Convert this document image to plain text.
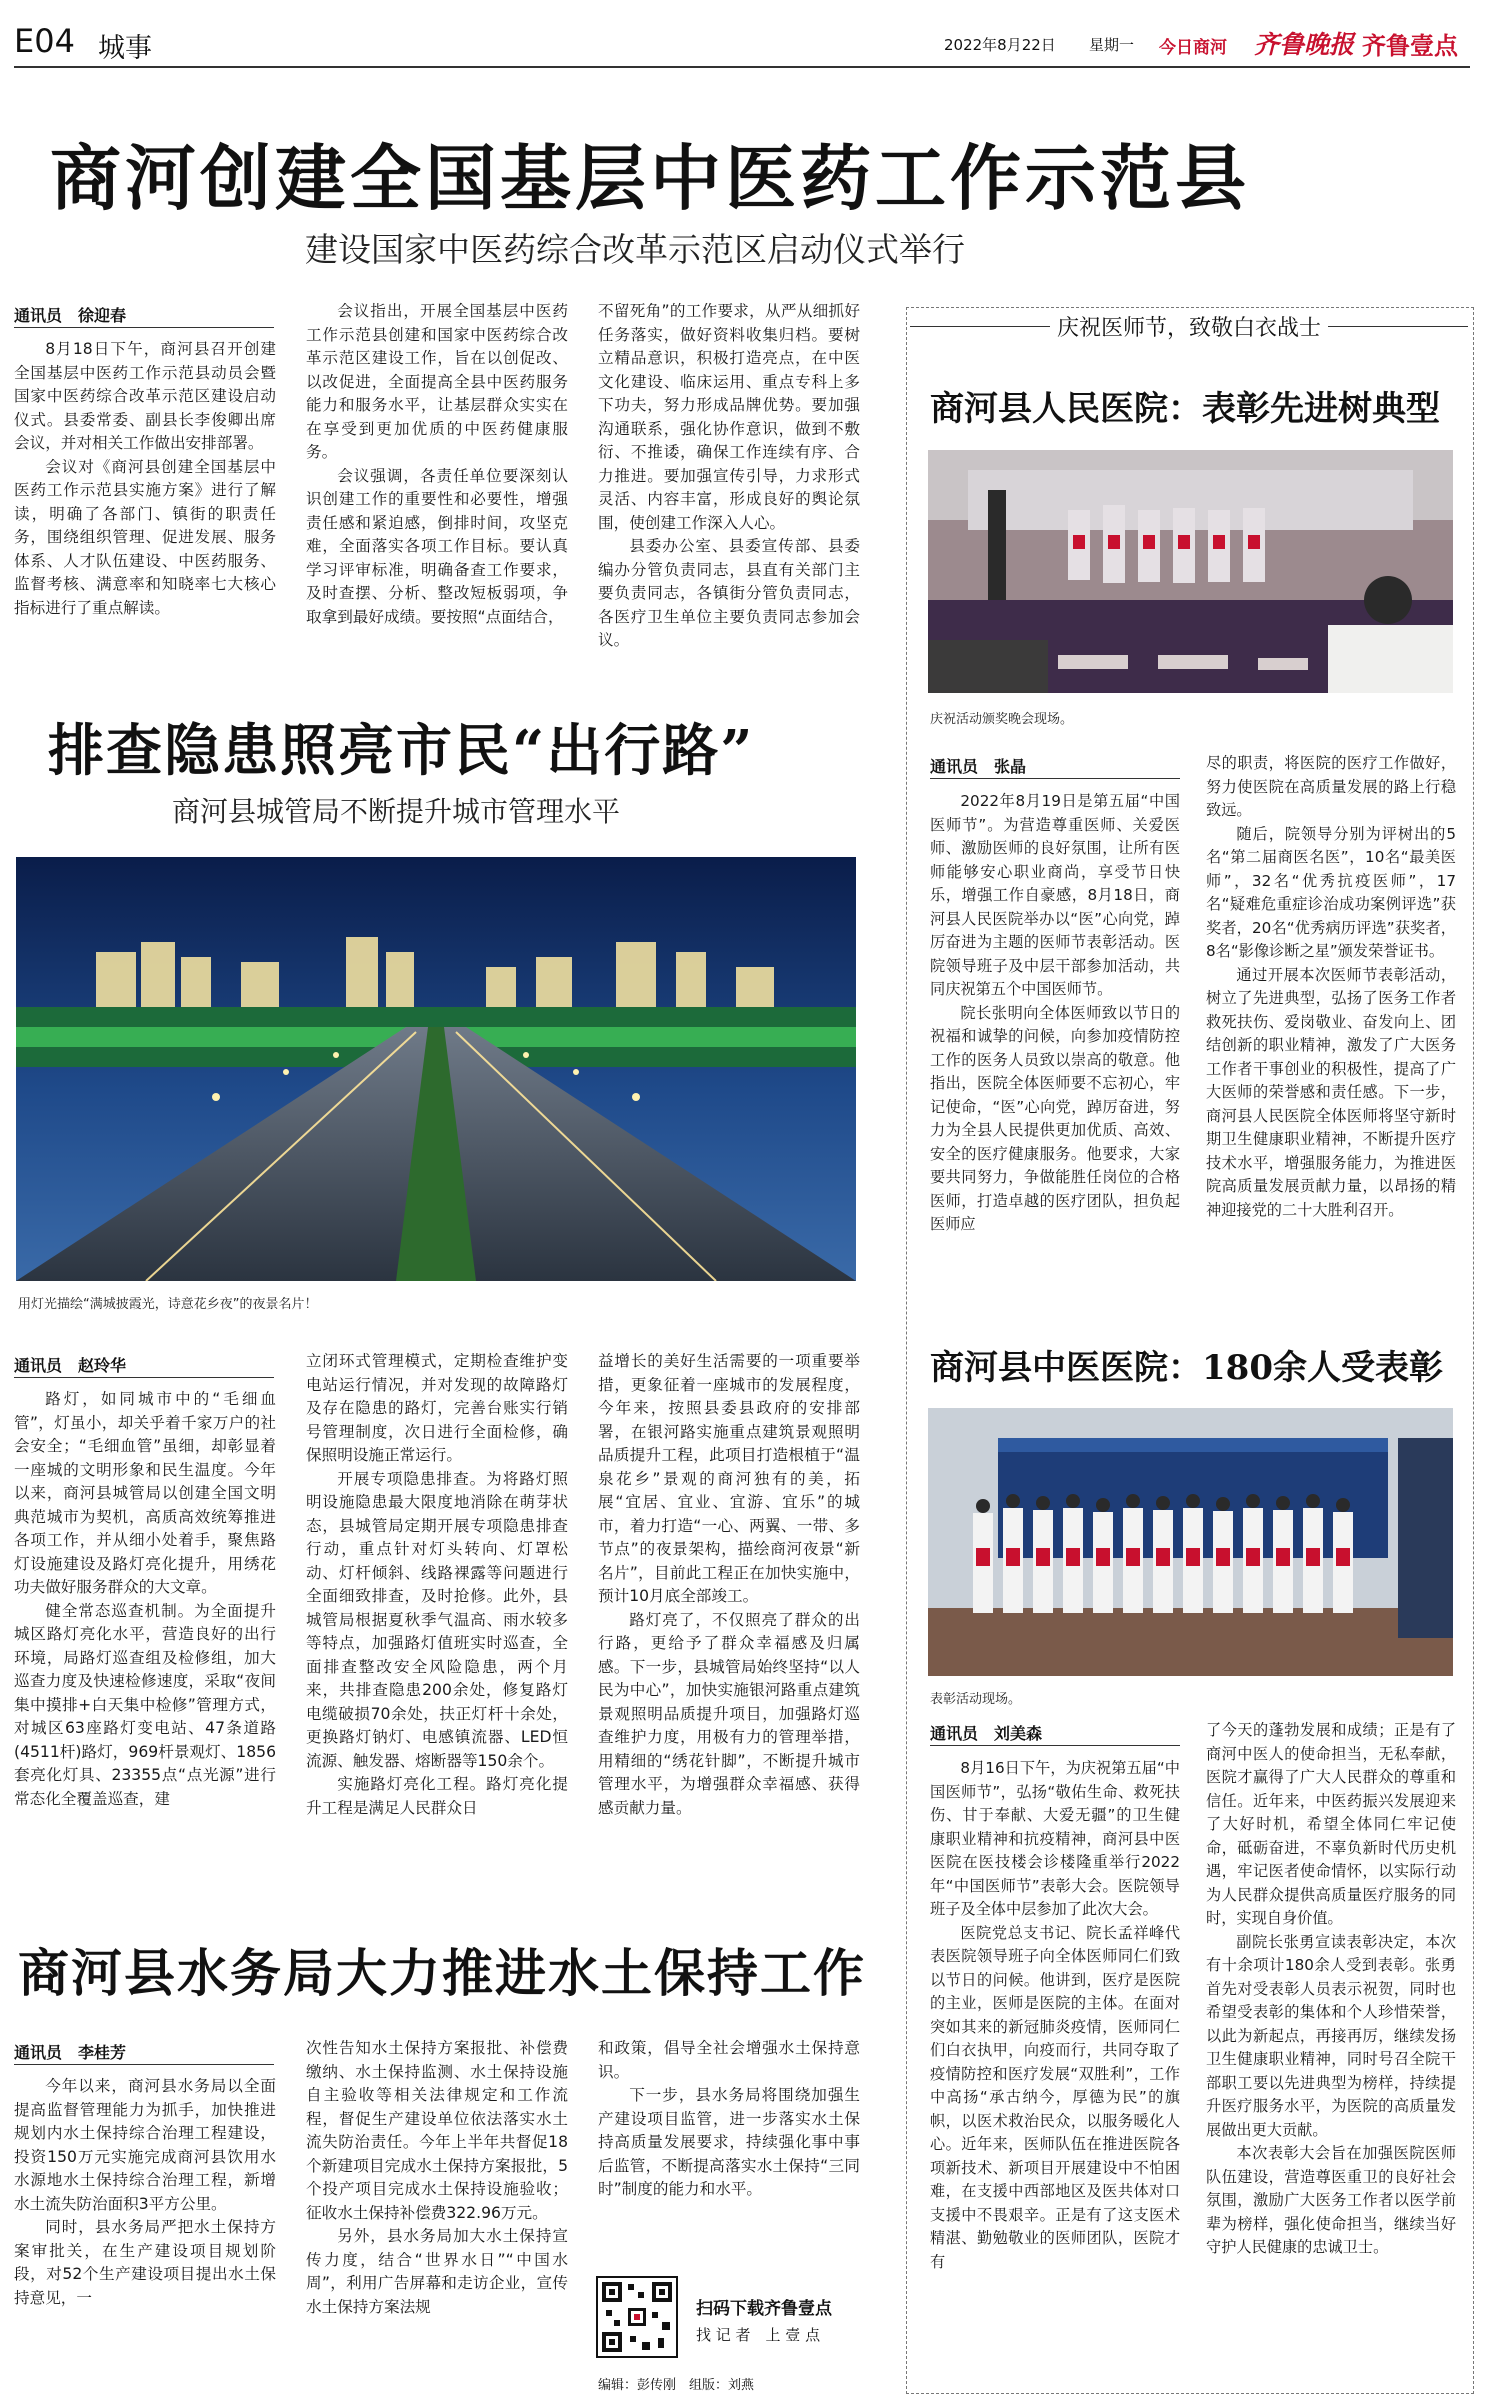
E04 城事	2022年8月22日 星期一 今日商河 齐鲁晚报 齐鲁壹点
商河创建全国基层中医药工作示范县
建设国家中医药综合改革示范区启动仪式举行
通讯员　徐迎春

8月18日下午，商河县召开创建全国基层中医药工作示范县动员会暨国家中医药综合改革示范区建设启动仪式。县委常委、副县长李俊卿出席会议，并对相关工作做出安排部署。

会议对《商河县创建全国基层中医药工作示范县实施方案》进行了解读，明确了各部门、镇街的职责任务，围绕组织管理、促进发展、服务体系、人才队伍建设、中医药服务、监督考核、满意率和知晓率七大核心指标进行了重点解读。

会议指出，开展全国基层中医药工作示范县创建和国家中医药综合改革示范区建设工作，旨在以创促改、以改促进，全面提高全县中医药服务能力和服务水平，让基层群众实实在在享受到更加优质的中医药健康服务。

会议强调，各责任单位要深刻认识创建工作的重要性和必要性，增强责任感和紧迫感，倒排时间，攻坚克难，全面落实各项工作目标。要认真学习评审标准，明确备查工作要求，及时查摆、分析、整改短板弱项，争取拿到最好成绩。要按照“点面结合，

不留死角”的工作要求，从严从细抓好任务落实，做好资料收集归档。要树立精品意识，积极打造亮点，在中医文化建设、临床运用、重点专科上多下功夫，努力形成品牌优势。要加强沟通联系，强化协作意识，做到不敷衍、不推诿，确保工作连续有序、合力推进。要加强宣传引导，力求形式灵活、内容丰富，形成良好的舆论氛围，使创建工作深入人心。

县委办公室、县委宣传部、县委编办分管负责同志，县直有关部门主要负责同志，各镇街分管负责同志，各医疗卫生单位主要负责同志参加会议。

排查隐患照亮市民“出行路”
商河县城管局不断提升城市管理水平
用灯光描绘“满城披霞光，诗意花乡夜”的夜景名片！
通讯员　赵玲华

路灯，如同城市中的“毛细血管”，灯虽小，却关乎着千家万户的社会安全；“毛细血管”虽细，却彰显着一座城的文明形象和民生温度。今年以来，商河县城管局以创建全国文明典范城市为契机，高质高效统筹推进各项工作，并从细小处着手，聚焦路灯设施建设及路灯亮化提升，用绣花功夫做好服务群众的大文章。

健全常态巡查机制。为全面提升城区路灯亮化水平，营造良好的出行环境，局路灯巡查组及检修组，加大巡查力度及快速检修速度，采取“夜间集中摸排+白天集中检修”管理方式，对城区63座路灯变电站、47条道路(4511杆)路灯，969杆景观灯、1856套亮化灯具、23355点“点光源”进行常态化全覆盖巡查，建

立闭环式管理模式，定期检查维护变电站运行情况，并对发现的故障路灯及存在隐患的路灯，完善台账实行销号管理制度，次日进行全面检修，确保照明设施正常运行。

开展专项隐患排查。为将路灯照明设施隐患最大限度地消除在萌芽状态，县城管局定期开展专项隐患排查行动，重点针对灯头转向、灯罩松动、灯杆倾斜、线路裸露等问题进行全面细致排查，及时抢修。此外，县城管局根据夏秋季气温高、雨水较多等特点，加强路灯值班实时巡查，全面排查整改安全风险隐患，两个月来，共排查隐患200余处，修复路灯电缆破损70余处，扶正灯杆十余处，更换路灯钠灯、电感镇流器、LED恒流源、触发器、熔断器等150余个。

实施路灯亮化工程。路灯亮化提升工程是满足人民群众日

益增长的美好生活需要的一项重要举措，更象征着一座城市的发展程度，今年来，按照县委县政府的安排部署，在银河路实施重点建筑景观照明品质提升工程，此项目打造根植于“温泉花乡”景观的商河独有的美，拓展“宜居、宜业、宜游、宜乐”的城市，着力打造“一心、两翼、一带、多节点”的夜景架构，描绘商河夜景“新名片”，目前此工程正在加快实施中，预计10月底全部竣工。

路灯亮了，不仅照亮了群众的出行路，更给予了群众幸福感及归属感。下一步，县城管局始终坚持“以人民为中心”，加快实施银河路重点建筑景观照明品质提升项目，加强路灯巡查维护力度，用极有力的管理举措，用精细的“绣花针脚”，不断提升城市管理水平，为增强群众幸福感、获得感贡献力量。

商河县水务局大力推进水土保持工作
通讯员　李桂芳

今年以来，商河县水务局以全面提高监督管理能力为抓手，加快推进规划内水土保持综合治理工程建设，投资150万元实施完成商河县饮用水水源地水土保持综合治理工程，新增水土流失防治面积3平方公里。

同时，县水务局严把水土保持方案审批关，在生产建设项目规划阶段，对52个生产建设项目提出水土保持意见，一

次性告知水土保持方案报批、补偿费缴纳、水土保持监测、水土保持设施自主验收等相关法律规定和工作流程，督促生产建设单位依法落实水土流失防治责任。今年上半年共督促18个新建项目完成水土保持方案报批，5个投产项目完成水土保持设施验收；征收水土保持补偿费322.96万元。

另外，县水务局加大水土保持宣传力度，结合“世界水日”“中国水周”，利用广告屏幕和走访企业，宣传水土保持方案法规

和政策，倡导全社会增强水土保持意识。

下一步，县水务局将围绕加强生产建设项目监管，进一步落实水土保持高质量发展要求，持续强化事中事后监管，不断提高落实水土保持“三同时”制度的能力和水平。

扫码下载齐鲁壹点
找 记 者　上 壹 点
编辑：彭传刚　组版：刘燕
庆祝医师节，致敬白衣战士
商河县人民医院：表彰先进树典型
庆祝活动颁奖晚会现场。
通讯员　张晶

2022年8月19日是第五届“中国医师节”。为营造尊重医师、关爱医师、激励医师的良好氛围，让所有医师能够安心职业商尚，享受节日快乐，增强工作自豪感，8月18日，商河县人民医院举办以“医”心向党，踔厉奋进为主题的医师节表彰活动。医院领导班子及中层干部参加活动，共同庆祝第五个中国医师节。

院长张明向全体医师致以节日的祝福和诚挚的问候，向参加疫情防控工作的医务人员致以崇高的敬意。他指出，医院全体医师要不忘初心，牢记使命，“医”心向党，踔厉奋进，努力为全县人民提供更加优质、高效、安全的医疗健康服务。他要求，大家要共同努力，争做能胜任岗位的合格医师，打造卓越的医疗团队，担负起医师应

尽的职责，将医院的医疗工作做好，努力使医院在高质量发展的路上行稳致远。

随后，院领导分别为评树出的5名“第二届商医名医”，10名“最美医师”，32名“优秀抗疫医师”，17名“疑难危重症诊治成功案例评选”获奖者，20名“优秀病历评选”获奖者，8名“影像诊断之星”颁发荣誉证书。

通过开展本次医师节表彰活动，树立了先进典型，弘扬了医务工作者救死扶伤、爱岗敬业、奋发向上、团结创新的职业精神，激发了广大医务工作者干事创业的积极性，提高了广大医师的荣誉感和责任感。下一步，商河县人民医院全体医师将坚守新时期卫生健康职业精神，不断提升医疗技术水平，增强服务能力，为推进医院高质量发展贡献力量，以昂扬的精神迎接党的二十大胜利召开。

商河县中医医院：180余人受表彰
表彰活动现场。
通讯员　刘美森

8月16日下午，为庆祝第五届“中国医师节”，弘扬“敬佑生命、救死扶伤、甘于奉献、大爱无疆”的卫生健康职业精神和抗疫精神，商河县中医医院在医技楼会诊楼隆重举行2022年“中国医师节”表彰大会。医院领导班子及全体中层参加了此次大会。

医院党总支书记、院长孟祥峰代表医院领导班子向全体医师同仁们致以节日的问候。他讲到，医疗是医院的主业，医师是医院的主体。在面对突如其来的新冠肺炎疫情，医师同仁们白衣执甲，向疫而行，共同夺取了疫情防控和医疗发展“双胜利”，工作中高扬“承古纳今，厚德为民”的旗帜，以医术救治民众，以服务暖化人心。近年来，医师队伍在推进医院各项新技术、新项目开展建设中不怕困难，在支援中西部地区及医共体对口支援中不畏艰辛。正是有了这支医术精湛、勤勉敬业的医师团队，医院才有

了今天的蓬勃发展和成绩；正是有了商河中医人的使命担当，无私奉献，医院才赢得了广大人民群众的尊重和信任。近年来，中医药振兴发展迎来了大好时机，希望全体同仁牢记使命，砥砺奋进，不辜负新时代历史机遇，牢记医者使命情怀，以实际行动为人民群众提供高质量医疗服务的同时，实现自身价值。

副院长张勇宣读表彰决定，本次有十余项计180余人受到表彰。张勇首先对受表彰人员表示祝贺，同时也希望受表彰的集体和个人珍惜荣誉，以此为新起点，再接再厉，继续发扬卫生健康职业精神，同时号召全院干部职工要以先进典型为榜样，持续提升医疗服务水平，为医院的高质量发展做出更大贡献。

本次表彰大会旨在加强医院医师队伍建设，营造尊医重卫的良好社会氛围，激励广大医务工作者以医学前辈为榜样，强化使命担当，继续当好守护人民健康的忠诚卫士。
